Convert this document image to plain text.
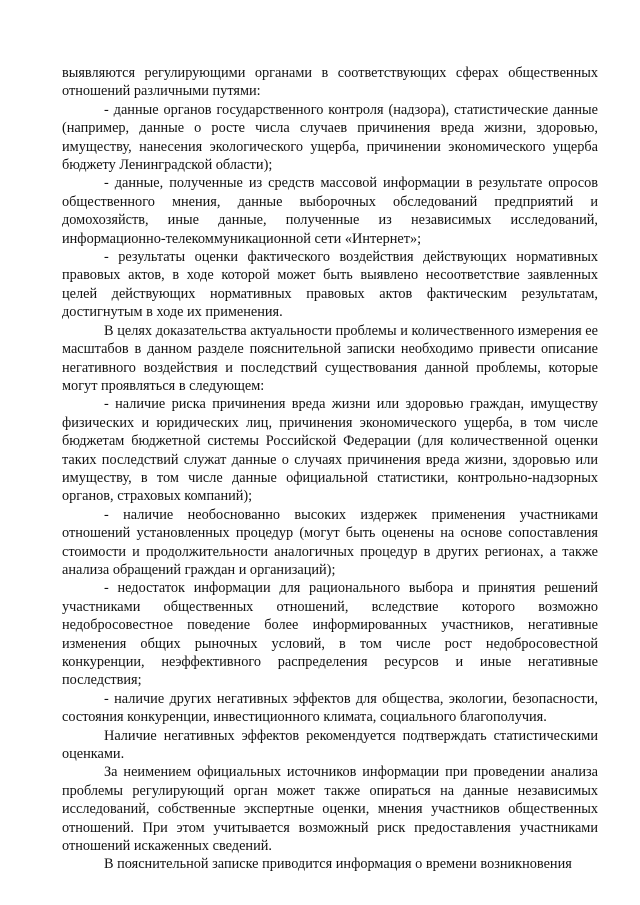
выявляются регулирующими органами в соответствующих сферах общественных отношений различными путями:

- данные органов государственного контроля (надзора), статистические данные (например, данные о росте числа случаев причинения вреда жизни, здоровью, имуществу, нанесения экологического ущерба, причинении экономического ущерба бюджету Ленинградской области);

- данные, полученные из средств массовой информации в результате опросов общественного мнения, данные выборочных обследований предприятий и домохозяйств, иные данные, полученные из независимых исследований, информационно-телекоммуникационной сети «Интернет»;

- результаты оценки фактического воздействия действующих нормативных правовых актов, в ходе которой может быть выявлено несоответствие заявленных целей действующих нормативных правовых актов фактическим результатам, достигнутым в ходе их применения.

В целях доказательства актуальности проблемы и количественного измерения ее масштабов в данном разделе пояснительной записки необходимо привести описание негативного воздействия и последствий существования данной проблемы, которые могут проявляться в следующем:

- наличие риска причинения вреда жизни или здоровью граждан, имуществу физических и юридических лиц, причинения экономического ущерба, в том числе бюджетам бюджетной системы Российской Федерации (для количественной оценки таких последствий служат данные о случаях причинения вреда жизни, здоровью или имуществу, в том числе данные официальной статистики, контрольно-надзорных органов, страховых компаний);

- наличие необоснованно высоких издержек применения участниками отношений установленных процедур (могут быть оценены на основе сопоставления стоимости и продолжительности аналогичных процедур в других регионах, а также анализа обращений граждан и организаций);

- недостаток информации для рационального выбора и принятия решений участниками общественных отношений, вследствие которого возможно недобросовестное поведение более информированных участников, негативные изменения общих рыночных условий, в том числе рост недобросовестной конкуренции, неэффективного распределения ресурсов и иные негативные последствия;

- наличие других негативных эффектов для общества, экологии, безопасности, состояния конкуренции, инвестиционного климата, социального благополучия.

Наличие негативных эффектов рекомендуется подтверждать статистическими оценками.

За неимением официальных источников информации при проведении анализа проблемы регулирующий орган может также опираться на данные независимых исследований, собственные экспертные оценки, мнения участников общественных отношений. При этом учитывается возможный риск предоставления участниками отношений искаженных сведений.

В пояснительной записке приводится информация о времени возникновения
